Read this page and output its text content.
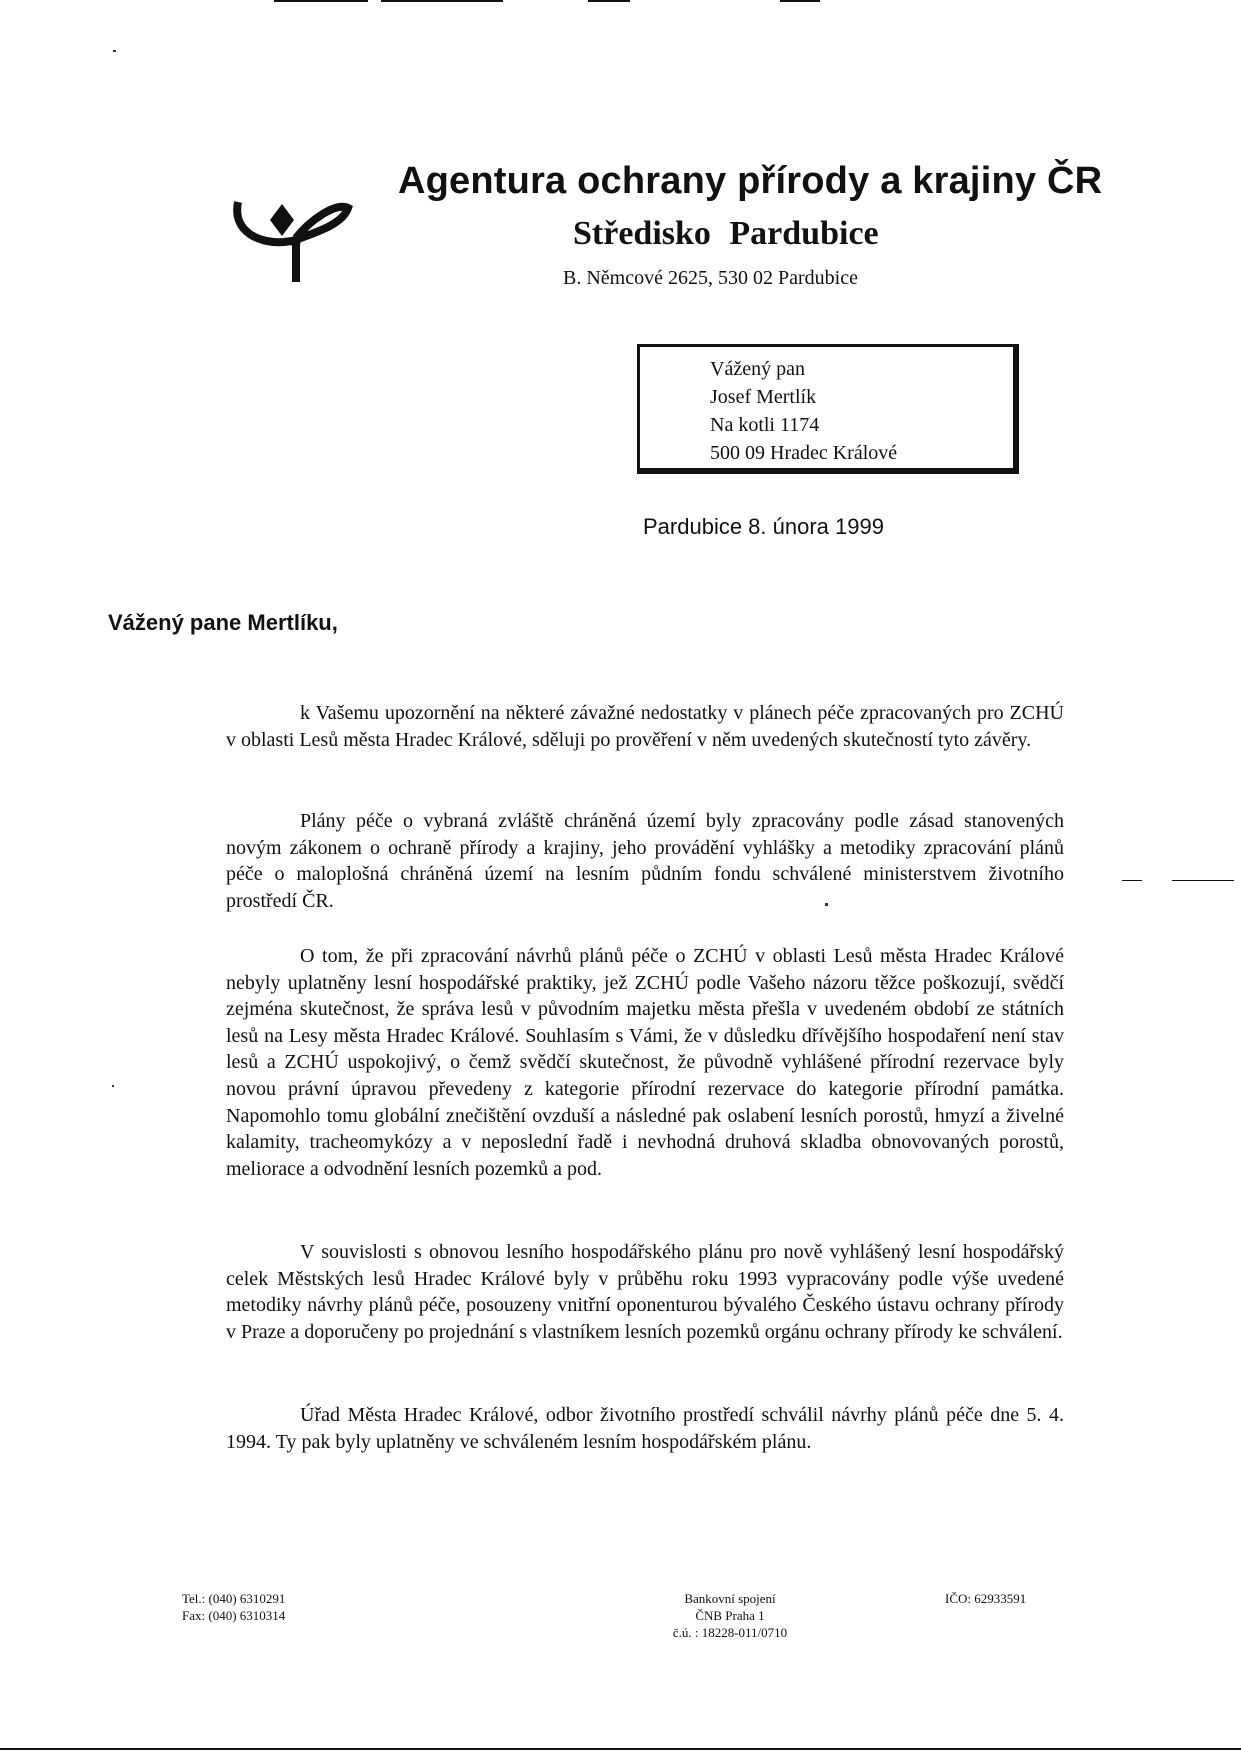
Agentura ochrany přírody a krajiny ČR
Středisko Pardubice
B. Němcové 2625, 530 02 Pardubice
Vážený pan
Josef Mertlík
Na kotli 1174
500 09 Hradec Králové
Pardubice 8. února 1999
Vážený pane Mertlíku,

k Vašemu upozornění na některé závažné nedostatky v plánech péče zpracovaných pro ZCHÚ v oblasti Lesů města Hradec Králové, sděluji po prověření v něm uvedených skutečností tyto závěry.

Plány péče o vybraná zvláště chráněná území byly zpracovány podle zásad stanovených novým zákonem o ochraně přírody a krajiny, jeho provádění vyhlášky a metodiky zpracování plánů péče o maloplošná chráněná území na lesním půdním fondu schválené ministerstvem životního prostředí ČR.

O tom, že při zpracování návrhů plánů péče o ZCHÚ v oblasti Lesů města Hradec Králové nebyly uplatněny lesní hospodářské praktiky, jež ZCHÚ podle Vašeho názoru těžce poškozují, svědčí zejména skutečnost, že správa lesů v původním majetku města přešla v uvedeném období ze státních lesů na Lesy města Hradec Králové. Souhlasím s Vámi, že v důsledku dřívějšího hospodaření není stav lesů a ZCHÚ uspokojivý, o čemž svědčí skutečnost, že původně vyhlášené přírodní rezervace byly novou právní úpravou převedeny z kategorie přírodní rezervace do kategorie přírodní památka. Napomohlo tomu globální znečištění ovzduší a následné pak oslabení lesních porostů, hmyzí a živelné kalamity, tracheomykózy a v neposlední řadě i nevhodná druhová skladba obnovovaných porostů, meliorace a odvodnění lesních pozemků a pod.

V souvislosti s obnovou lesního hospodářského plánu pro nově vyhlášený lesní hospodářský celek Městských lesů Hradec Králové byly v průběhu roku 1993 vypracovány podle výše uvedené metodiky návrhy plánů péče, posouzeny vnitřní oponenturou bývalého Českého ústavu ochrany přírody v Praze a doporučeny po projednání s vlastníkem lesních pozemků orgánu ochrany přírody ke schválení.

Úřad Města Hradec Králové, odbor životního prostředí schválil návrhy plánů péče dne 5. 4. 1994. Ty pak byly uplatněny ve schváleném lesním hospodářském plánu.

Tel.: (040) 6310291
Fax: (040) 6310314
Bankovní spojení
ČNB Praha 1
č.ú. : 18228-011/0710
IČO: 62933591
